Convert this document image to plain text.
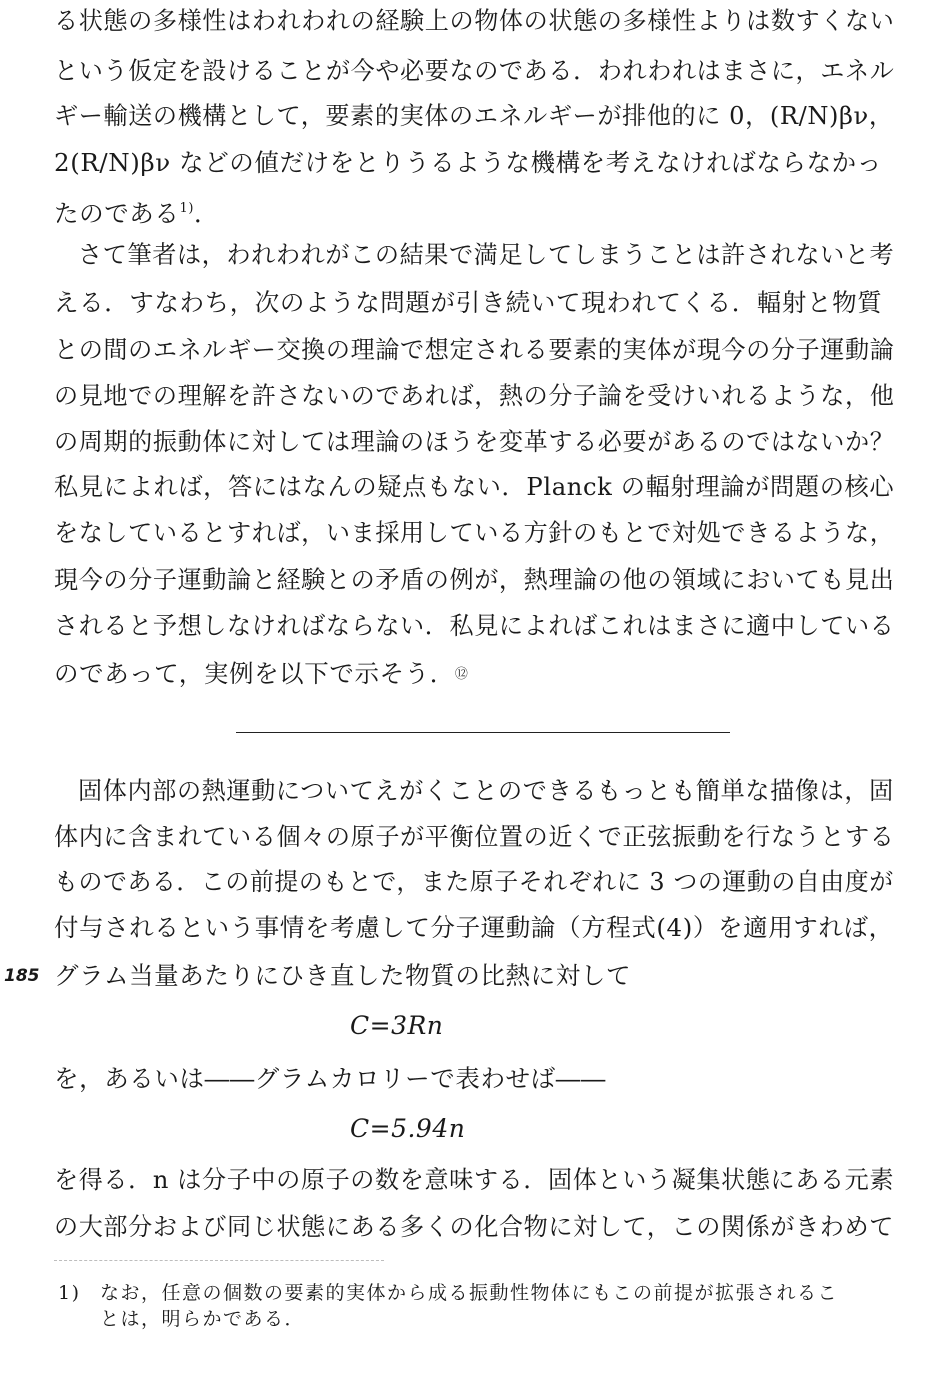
る状態の多様性はわれわれの経験上の物体の状態の多様性よりは数すくない
という仮定を設けることが今や必要なのである．われわれはまさに，エネル
ギー輸送の機構として，要素的実体のエネルギーが排他的に 0，(R/N)βν，
2(R/N)βν などの値だけをとりうるような機構を考えなければならなかっ
たのである$^{1)}$．
さて筆者は，われわれがこの結果で満足してしまうことは許されないと考
える．すなわち，次のような問題が引き続いて現われてくる．輻射と物質
との間のエネルギー交換の理論で想定される要素的実体が現今の分子運動論
の見地での理解を許さないのであれば，熱の分子論を受けいれるような，他
の周期的振動体に対しては理論のほうを変革する必要があるのではないか？
私見によれば，答にはなんの疑点もない．Planck の輻射理論が問題の核心
をなしているとすれば，いま採用している方針のもとで対処できるような，
現今の分子運動論と経験との矛盾の例が，熱理論の他の領域においても見出
されると予想しなければならない．私見によればこれはまさに適中している
のであって，実例を以下で示そう．⑫
固体内部の熱運動についてえがくことのできるもっとも簡単な描像は，固
体内に含まれている個々の原子が平衡位置の近くで正弦振動を行なうとする
ものである．この前提のもとで，また原子それぞれに 3 つの運動の自由度が
付与されるという事情を考慮して分子運動論（方程式(4)）を適用すれば，
185 グラム当量あたりにひき直した物質の比熱に対して
C=3Rn
を，あるいは――グラムカロリーで表わせば――
C=5.94n
を得る．n は分子中の原子の数を意味する．固体という凝集状態にある元素
の大部分および同じ状態にある多くの化合物に対して，この関係がきわめて
1) なお，任意の個数の要素的実体から成る振動性物体にもこの前提が拡張されるこ
とは，明らかである．
